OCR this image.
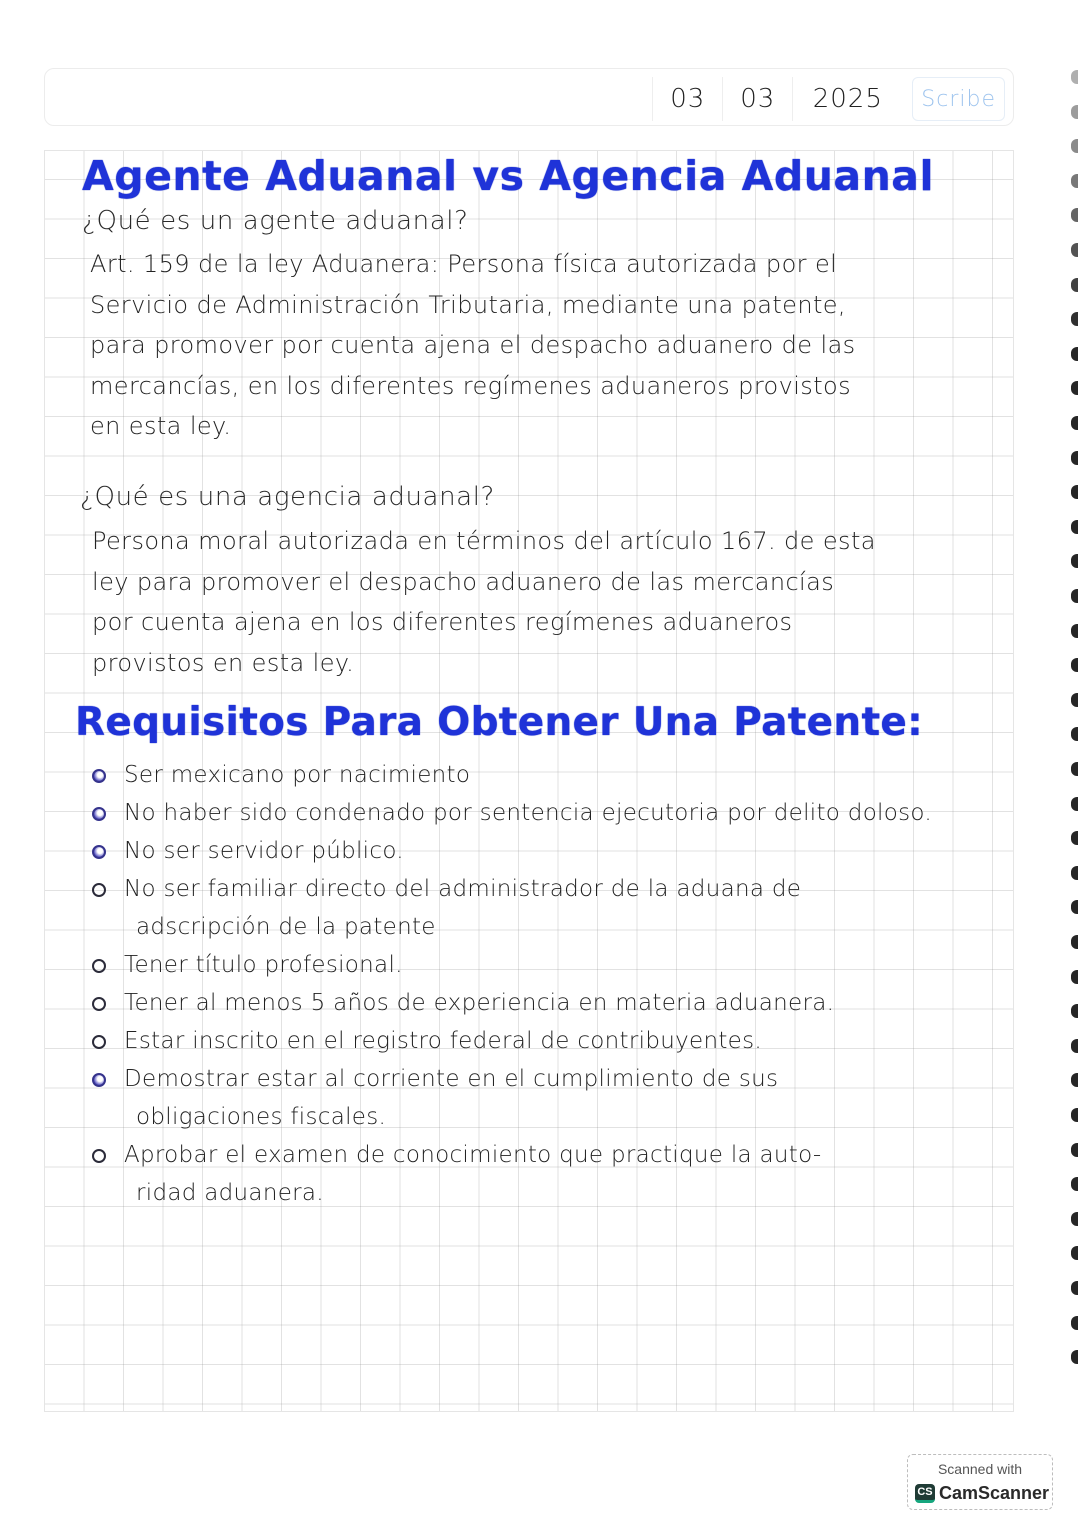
03	03	2025	Scribe
Agente Aduanal vs Agencia Aduanal
¿Qué es un agente aduanal?
Art. 159 de la ley Aduanera: Persona física autorizada por el
Servicio de Administración Tributaria, mediante una patente,
para promover por cuenta ajena el despacho aduanero de las
mercancías, en los diferentes regímenes aduaneros provistos
en esta ley.
¿Qué es una agencia aduanal?
Persona moral autorizada en términos del artículo 167. de esta
ley para promover el despacho aduanero de las mercancías
por cuenta ajena en los diferentes regímenes aduaneros
provistos en esta ley.
Requisitos Para Obtener Una Patente:
Ser mexicano por nacimiento
No haber sido condenado por sentencia ejecutoria por delito doloso.
No ser servidor público.
No ser familiar directo del administrador de la aduana de
adscripción de la patente
Tener título profesional.
Tener al menos 5 años de experiencia en materia aduanera.
Estar inscrito en el registro federal de contribuyentes.
Demostrar estar al corriente en el cumplimiento de sus
obligaciones fiscales.
Aprobar el examen de conocimiento que practique la auto-
ridad aduanera.
Scanned with
CS CamScanner
